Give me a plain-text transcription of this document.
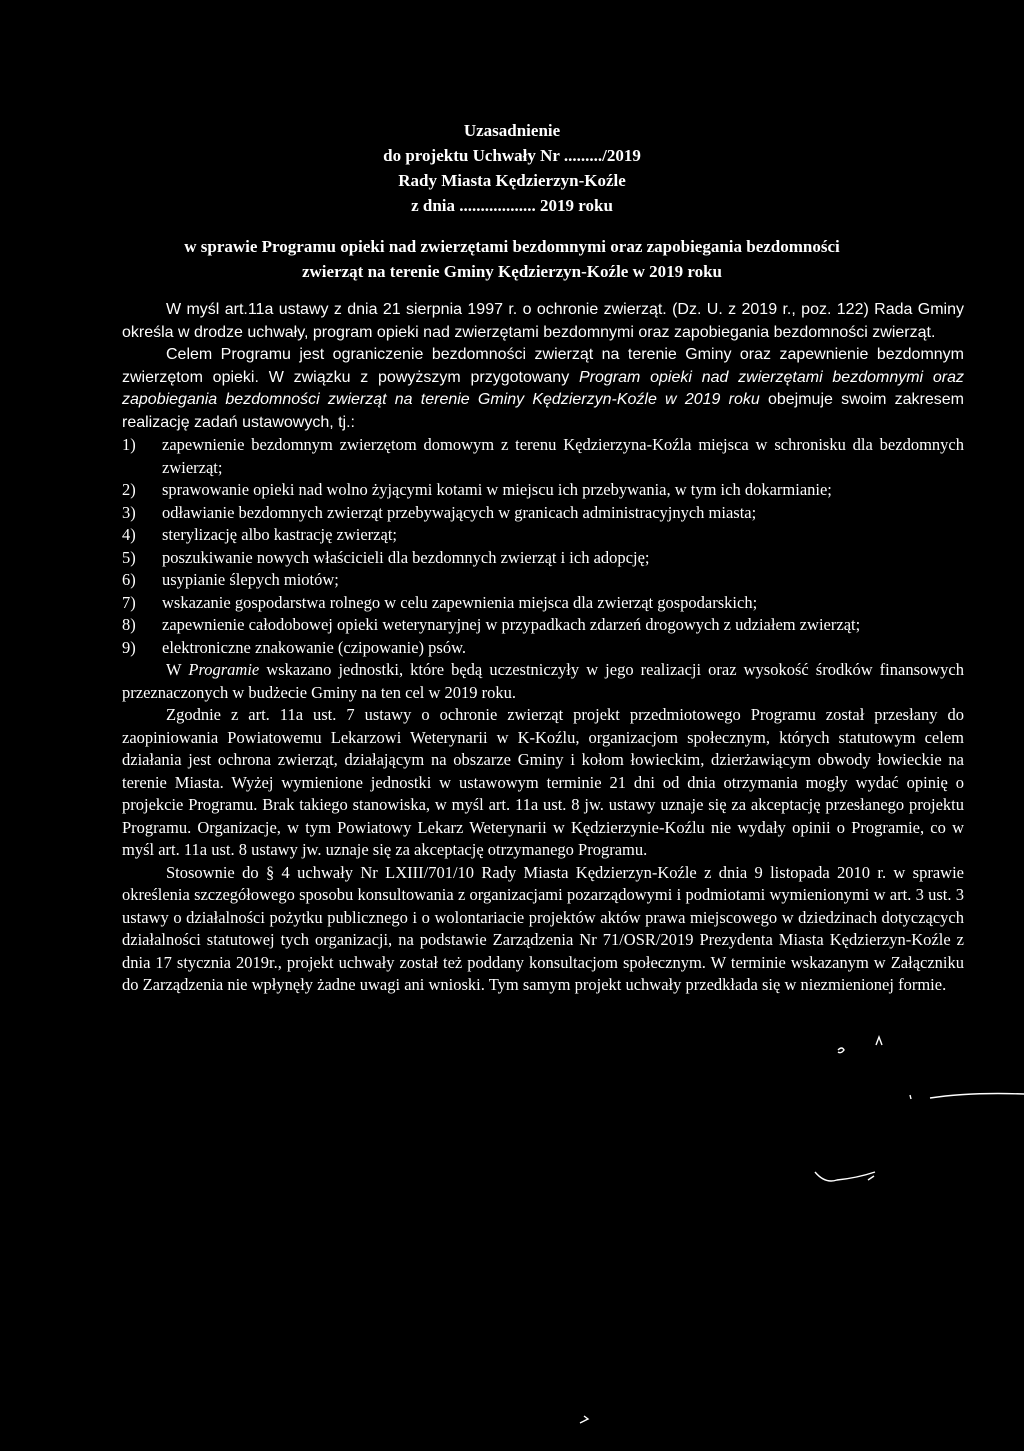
Uzasadnienie
do projektu Uchwały Nr ........./2019
Rady Miasta Kędzierzyn-Koźle
z dnia .................. 2019 roku
w sprawie Programu opieki nad zwierzętami bezdomnymi oraz zapobiegania bezdomności
zwierząt na terenie Gminy Kędzierzyn-Koźle w 2019 roku

W myśl art.11a ustawy z dnia 21 sierpnia 1997 r. o ochronie zwierząt. (Dz. U. z 2019 r., poz. 122) Rada Gminy określa w drodze uchwały, program opieki nad zwierzętami bezdomnymi oraz zapobiegania bezdomności zwierząt.

Celem Programu jest ograniczenie bezdomności zwierząt na terenie Gminy oraz zapewnienie bezdomnym zwierzętom opieki. W związku z powyższym przygotowany Program opieki nad zwierzętami bezdomnymi oraz zapobiegania bezdomności zwierząt na terenie Gminy Kędzierzyn-Koźle w 2019 roku obejmuje swoim zakresem realizację zadań ustawowych, tj.:

1)	zapewnienie bezdomnym zwierzętom domowym z terenu Kędzierzyna-Koźla miejsca w schronisku dla bezdomnych zwierząt;
2)	sprawowanie opieki nad wolno żyjącymi kotami w miejscu ich przebywania, w tym ich dokarmianie;
3)	odławianie bezdomnych zwierząt przebywających w granicach administracyjnych miasta;
4)	sterylizację albo kastrację zwierząt;
5)	poszukiwanie nowych właścicieli dla bezdomnych zwierząt i ich adopcję;
6)	usypianie ślepych miotów;
7)	wskazanie gospodarstwa rolnego w celu zapewnienia miejsca dla zwierząt gospodarskich;
8)	zapewnienie całodobowej opieki weterynaryjnej w przypadkach zdarzeń drogowych z udziałem zwierząt;
9)	elektroniczne znakowanie (czipowanie) psów.

W Programie wskazano jednostki, które będą uczestniczyły w jego realizacji oraz wysokość środków finansowych przeznaczonych w budżecie Gminy na ten cel w 2019 roku.

Zgodnie z art. 11a ust. 7 ustawy o ochronie zwierząt projekt przedmiotowego Programu został przesłany do zaopiniowania Powiatowemu Lekarzowi Weterynarii w K-Koźlu, organizacjom społecznym, których statutowym celem działania jest ochrona zwierząt, działającym na obszarze Gminy i kołom łowieckim, dzierżawiącym obwody łowieckie na terenie Miasta. Wyżej wymienione jednostki w ustawowym terminie 21 dni od dnia otrzymania mogły wydać opinię o projekcie Programu. Brak takiego stanowiska, w myśl art. 11a ust. 8 jw. ustawy uznaje się za akceptację przesłanego projektu Programu. Organizacje, w tym Powiatowy Lekarz Weterynarii w Kędzierzynie-Koźlu nie wydały opinii o Programie, co w myśl art. 11a ust. 8 ustawy jw. uznaje się za akceptację otrzymanego Programu.

Stosownie do § 4 uchwały Nr LXIII/701/10 Rady Miasta Kędzierzyn-Koźle z dnia 9 listopada 2010 r. w sprawie określenia szczegółowego sposobu konsultowania z organizacjami pozarządowymi i podmiotami wymienionymi w art. 3 ust. 3 ustawy o działalności pożytku publicznego i o wolontariacie projektów aktów prawa miejscowego w dziedzinach dotyczących działalności statutowej tych organizacji, na podstawie Zarządzenia Nr 71/OSR/2019 Prezydenta Miasta Kędzierzyn-Koźle z dnia 17 stycznia 2019r., projekt uchwały został też poddany konsultacjom społecznym. W terminie wskazanym w Załączniku do Zarządzenia nie wpłynęły żadne uwagi ani wnioski. Tym samym projekt uchwały przedkłada się w niezmienionej formie.
